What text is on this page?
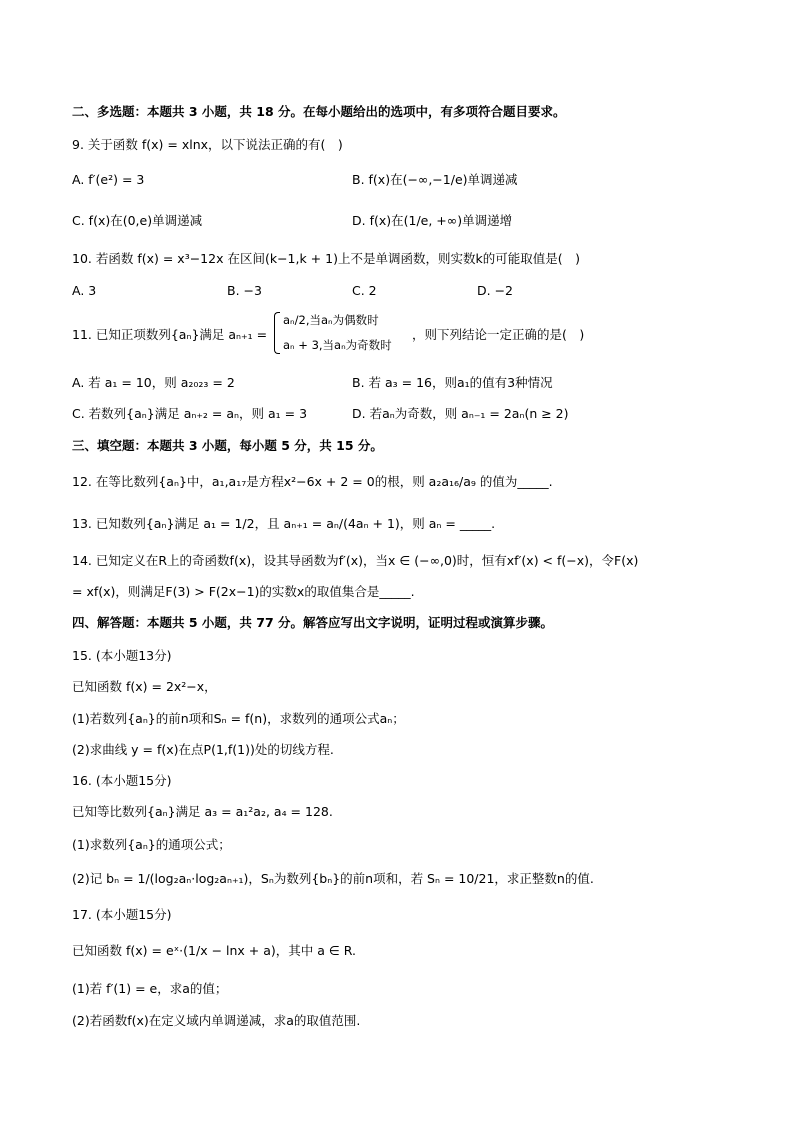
二、多选题：本题共 3 小题，共 18 分。在每小题给出的选项中，有多项符合题目要求。
9. 关于函数 f(x) = xlnx，以下说法正确的有(　)
A. f′(e²) = 3	B. f(x)在(−∞,−1/e)单调递减
C. f(x)在(0,e)单调递减	D. f(x)在(1/e, +∞)单调递增
10. 若函数 f(x) = x³−12x 在区间(k−1,k + 1)上不是单调函数，则实数k的可能取值是(　)
A. 3	B. −3	C. 2	D. −2
11. 已知正项数列{aₙ}满足 aₙ₊₁ =
aₙ/2,当aₙ为偶数时
aₙ + 3,当aₙ为奇数时
，则下列结论一定正确的是(　)
A. 若 a₁ = 10，则 a₂₀₂₃ = 2	B. 若 a₃ = 16，则a₁的值有3种情况
C. 若数列{aₙ}满足 aₙ₊₂ = aₙ，则 a₁ = 3	D. 若aₙ为奇数，则 aₙ₋₁ = 2aₙ(n ≥ 2)
三、填空题：本题共 3 小题，每小题 5 分，共 15 分。
12. 在等比数列{aₙ}中，a₁,a₁₇是方程x²−6x + 2 = 0的根，则 a₂a₁₆/a₉ 的值为_____.
13. 已知数列{aₙ}满足 a₁ = 1/2，且 aₙ₊₁ = aₙ/(4aₙ + 1)，则 aₙ = _____.
14. 已知定义在R上的奇函数f(x)，设其导函数为f′(x)，当x ∈ (−∞,0)时，恒有xf′(x) < f(−x)，令F(x)
= xf(x)，则满足F(3) > F(2x−1)的实数x的取值集合是_____.
四、解答题：本题共 5 小题，共 77 分。解答应写出文字说明，证明过程或演算步骤。
15. (本小题13分)
已知函数 f(x) = 2x²−x，
(1)若数列{aₙ}的前n项和Sₙ = f(n)，求数列的通项公式aₙ；
(2)求曲线 y = f(x)在点P(1,f(1))处的切线方程.
16. (本小题15分)
已知等比数列{aₙ}满足 a₃ = a₁²a₂, a₄ = 128.
(1)求数列{aₙ}的通项公式；
(2)记 bₙ = 1/(log₂aₙ·log₂aₙ₊₁)，Sₙ为数列{bₙ}的前n项和，若 Sₙ = 10/21，求正整数n的值.
17. (本小题15分)
已知函数 f(x) = eˣ·(1/x − lnx + a)，其中 a ∈ R.
(1)若 f′(1) = e，求a的值；
(2)若函数f(x)在定义域内单调递减，求a的取值范围.
